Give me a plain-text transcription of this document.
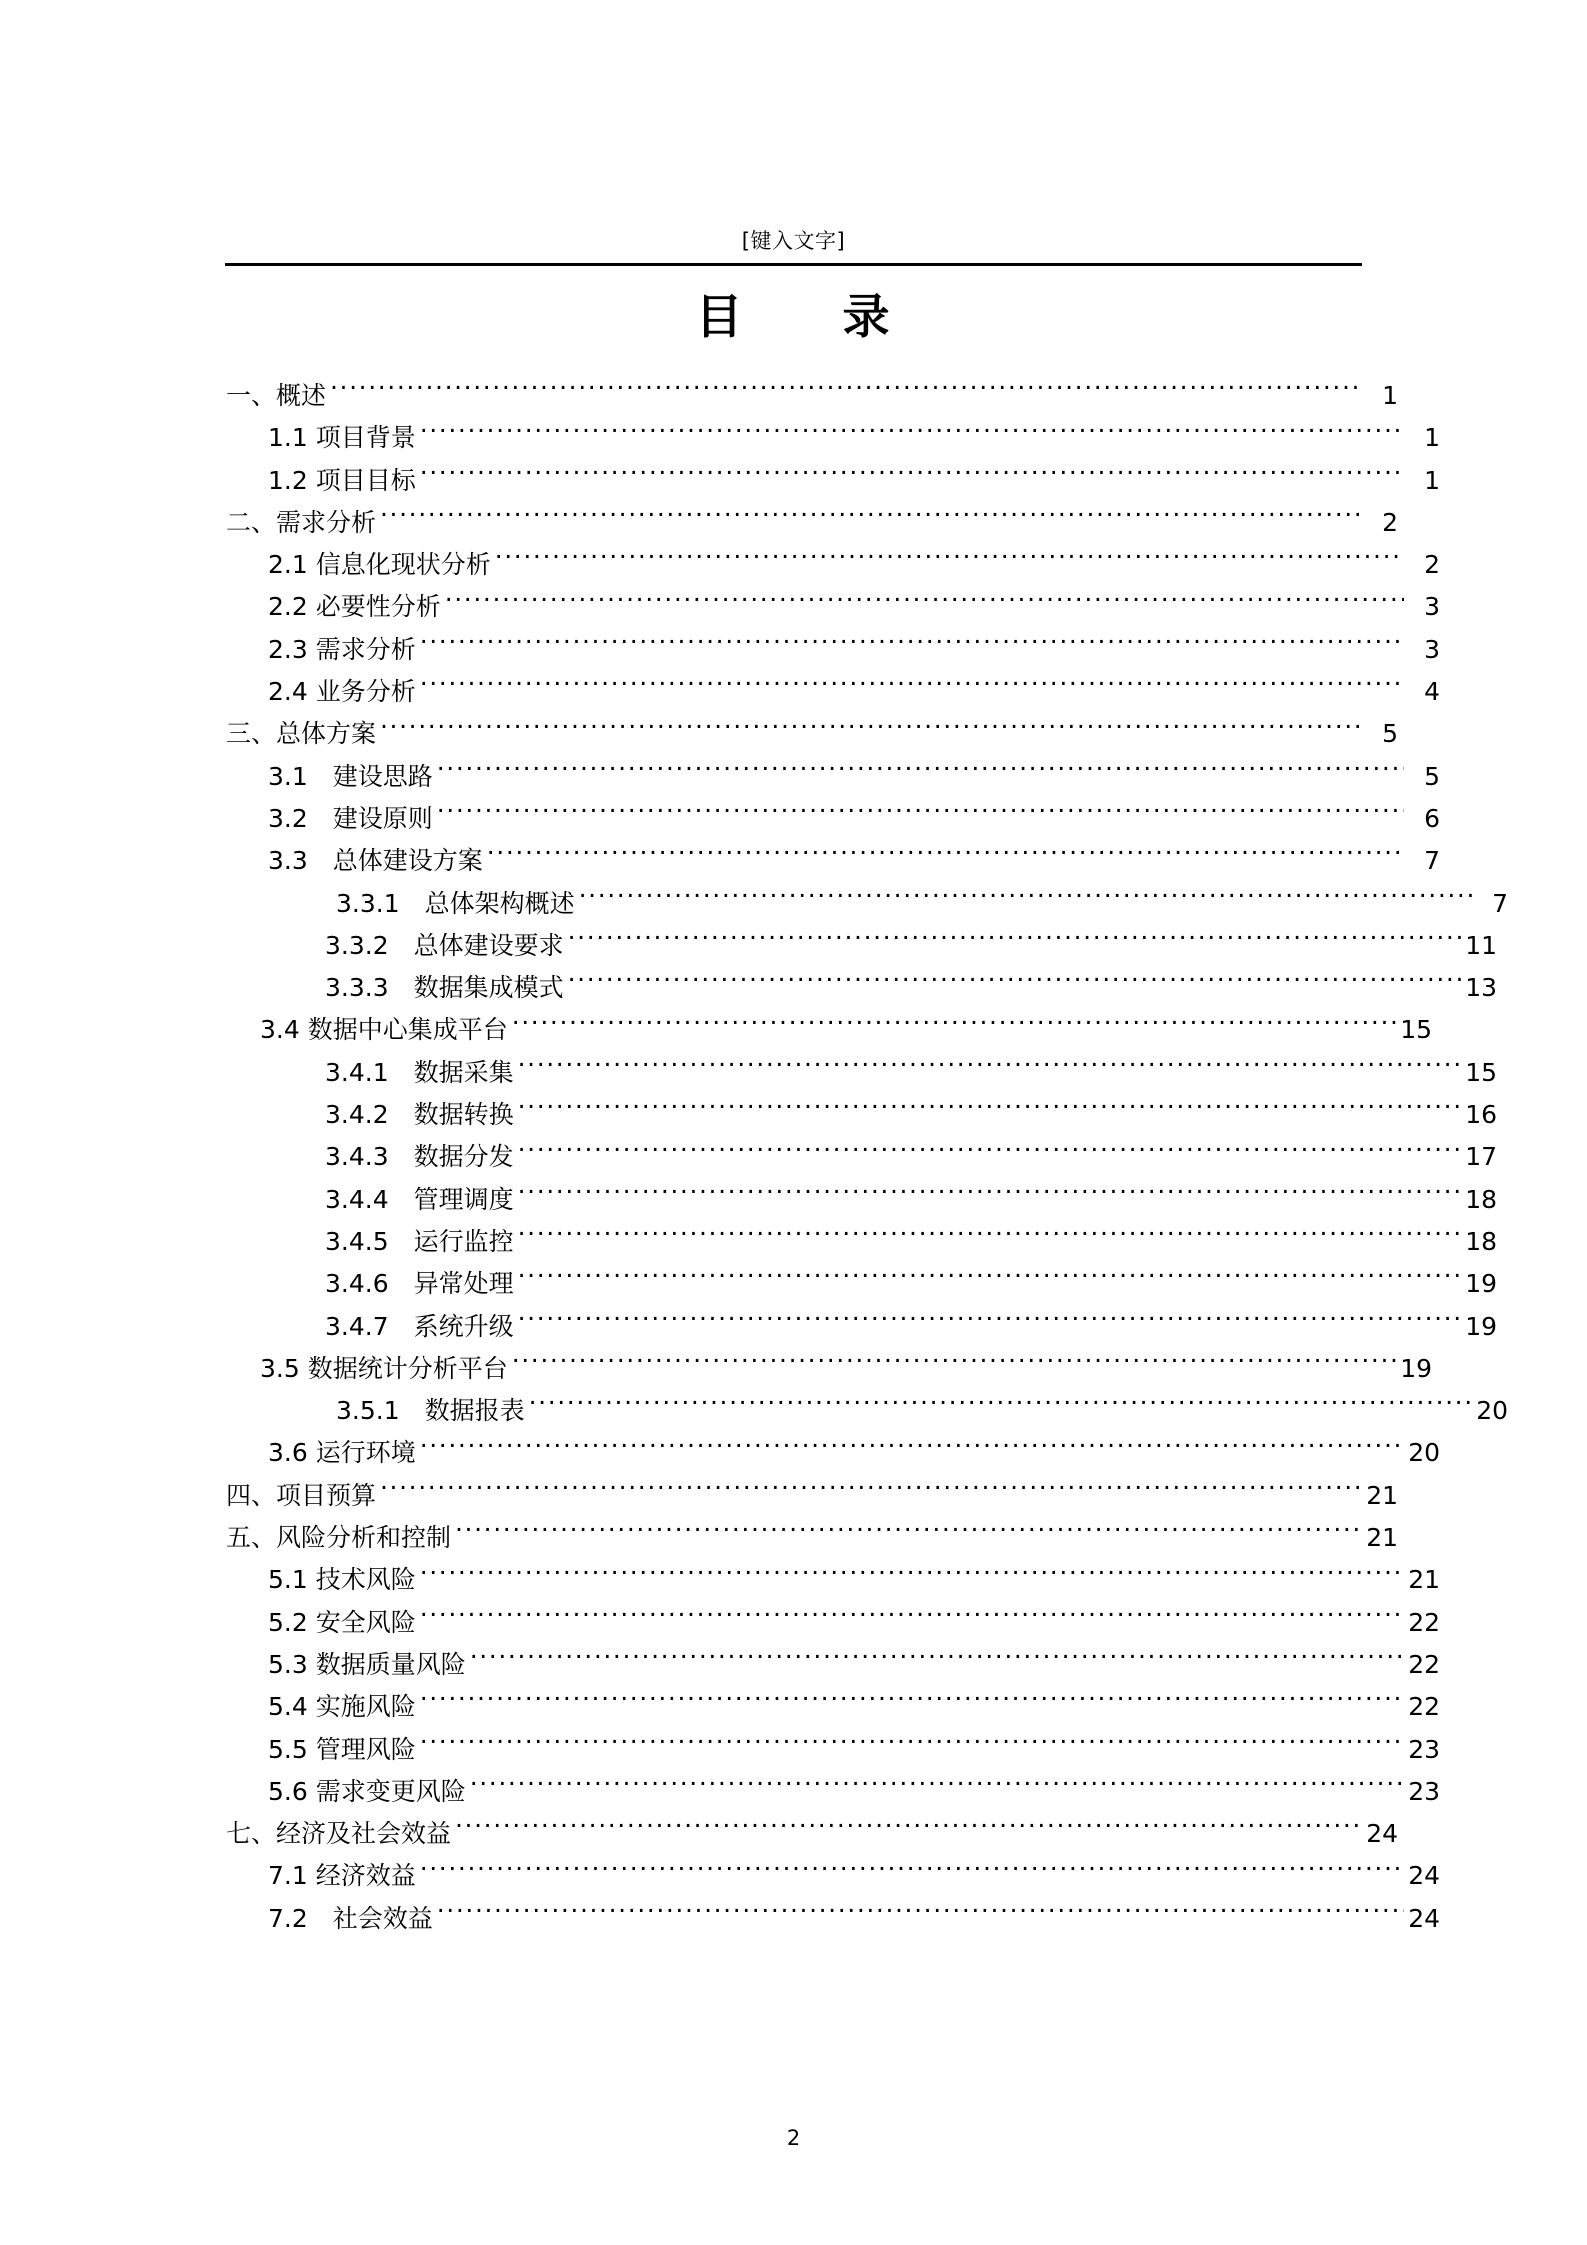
[键入文字]
目　　录
一、概述 .....	1
1.1 项目背景 .....	1
1.2 项目目标 .....	1
二、需求分析 .....	2
2.1 信息化现状分析 .....	2
2.2 必要性分析 .....	3
2.3 需求分析 .....	3
2.4 业务分析 .....	4
三、总体方案 .....	5
3.1　建设思路 .....	5
3.2　建设原则 .....	6
3.3　总体建设方案 .....	7
3.3.1　总体架构概述 .....	7
3.3.2　总体建设要求 .....	11
3.3.3　数据集成模式 .....	13
3.4 数据中心集成平台 .....	15
3.4.1　数据采集 .....	15
3.4.2　数据转换 .....	16
3.4.3　数据分发 .....	17
3.4.4　管理调度 .....	18
3.4.5　运行监控 .....	18
3.4.6　异常处理 .....	19
3.4.7　系统升级 .....	19
3.5 数据统计分析平台 .....	19
3.5.1　数据报表 .....	20
3.6 运行环境 .....	20
四、项目预算 .....	21
五、风险分析和控制 .....	21
5.1 技术风险 .....	21
5.2 安全风险 .....	22
5.3 数据质量风险 .....	22
5.4 实施风险 .....	22
5.5 管理风险 .....	23
5.6 需求变更风险 .....	23
七、经济及社会效益 .....	24
7.1 经济效益 .....	24
7.2　社会效益 .....	24
2
